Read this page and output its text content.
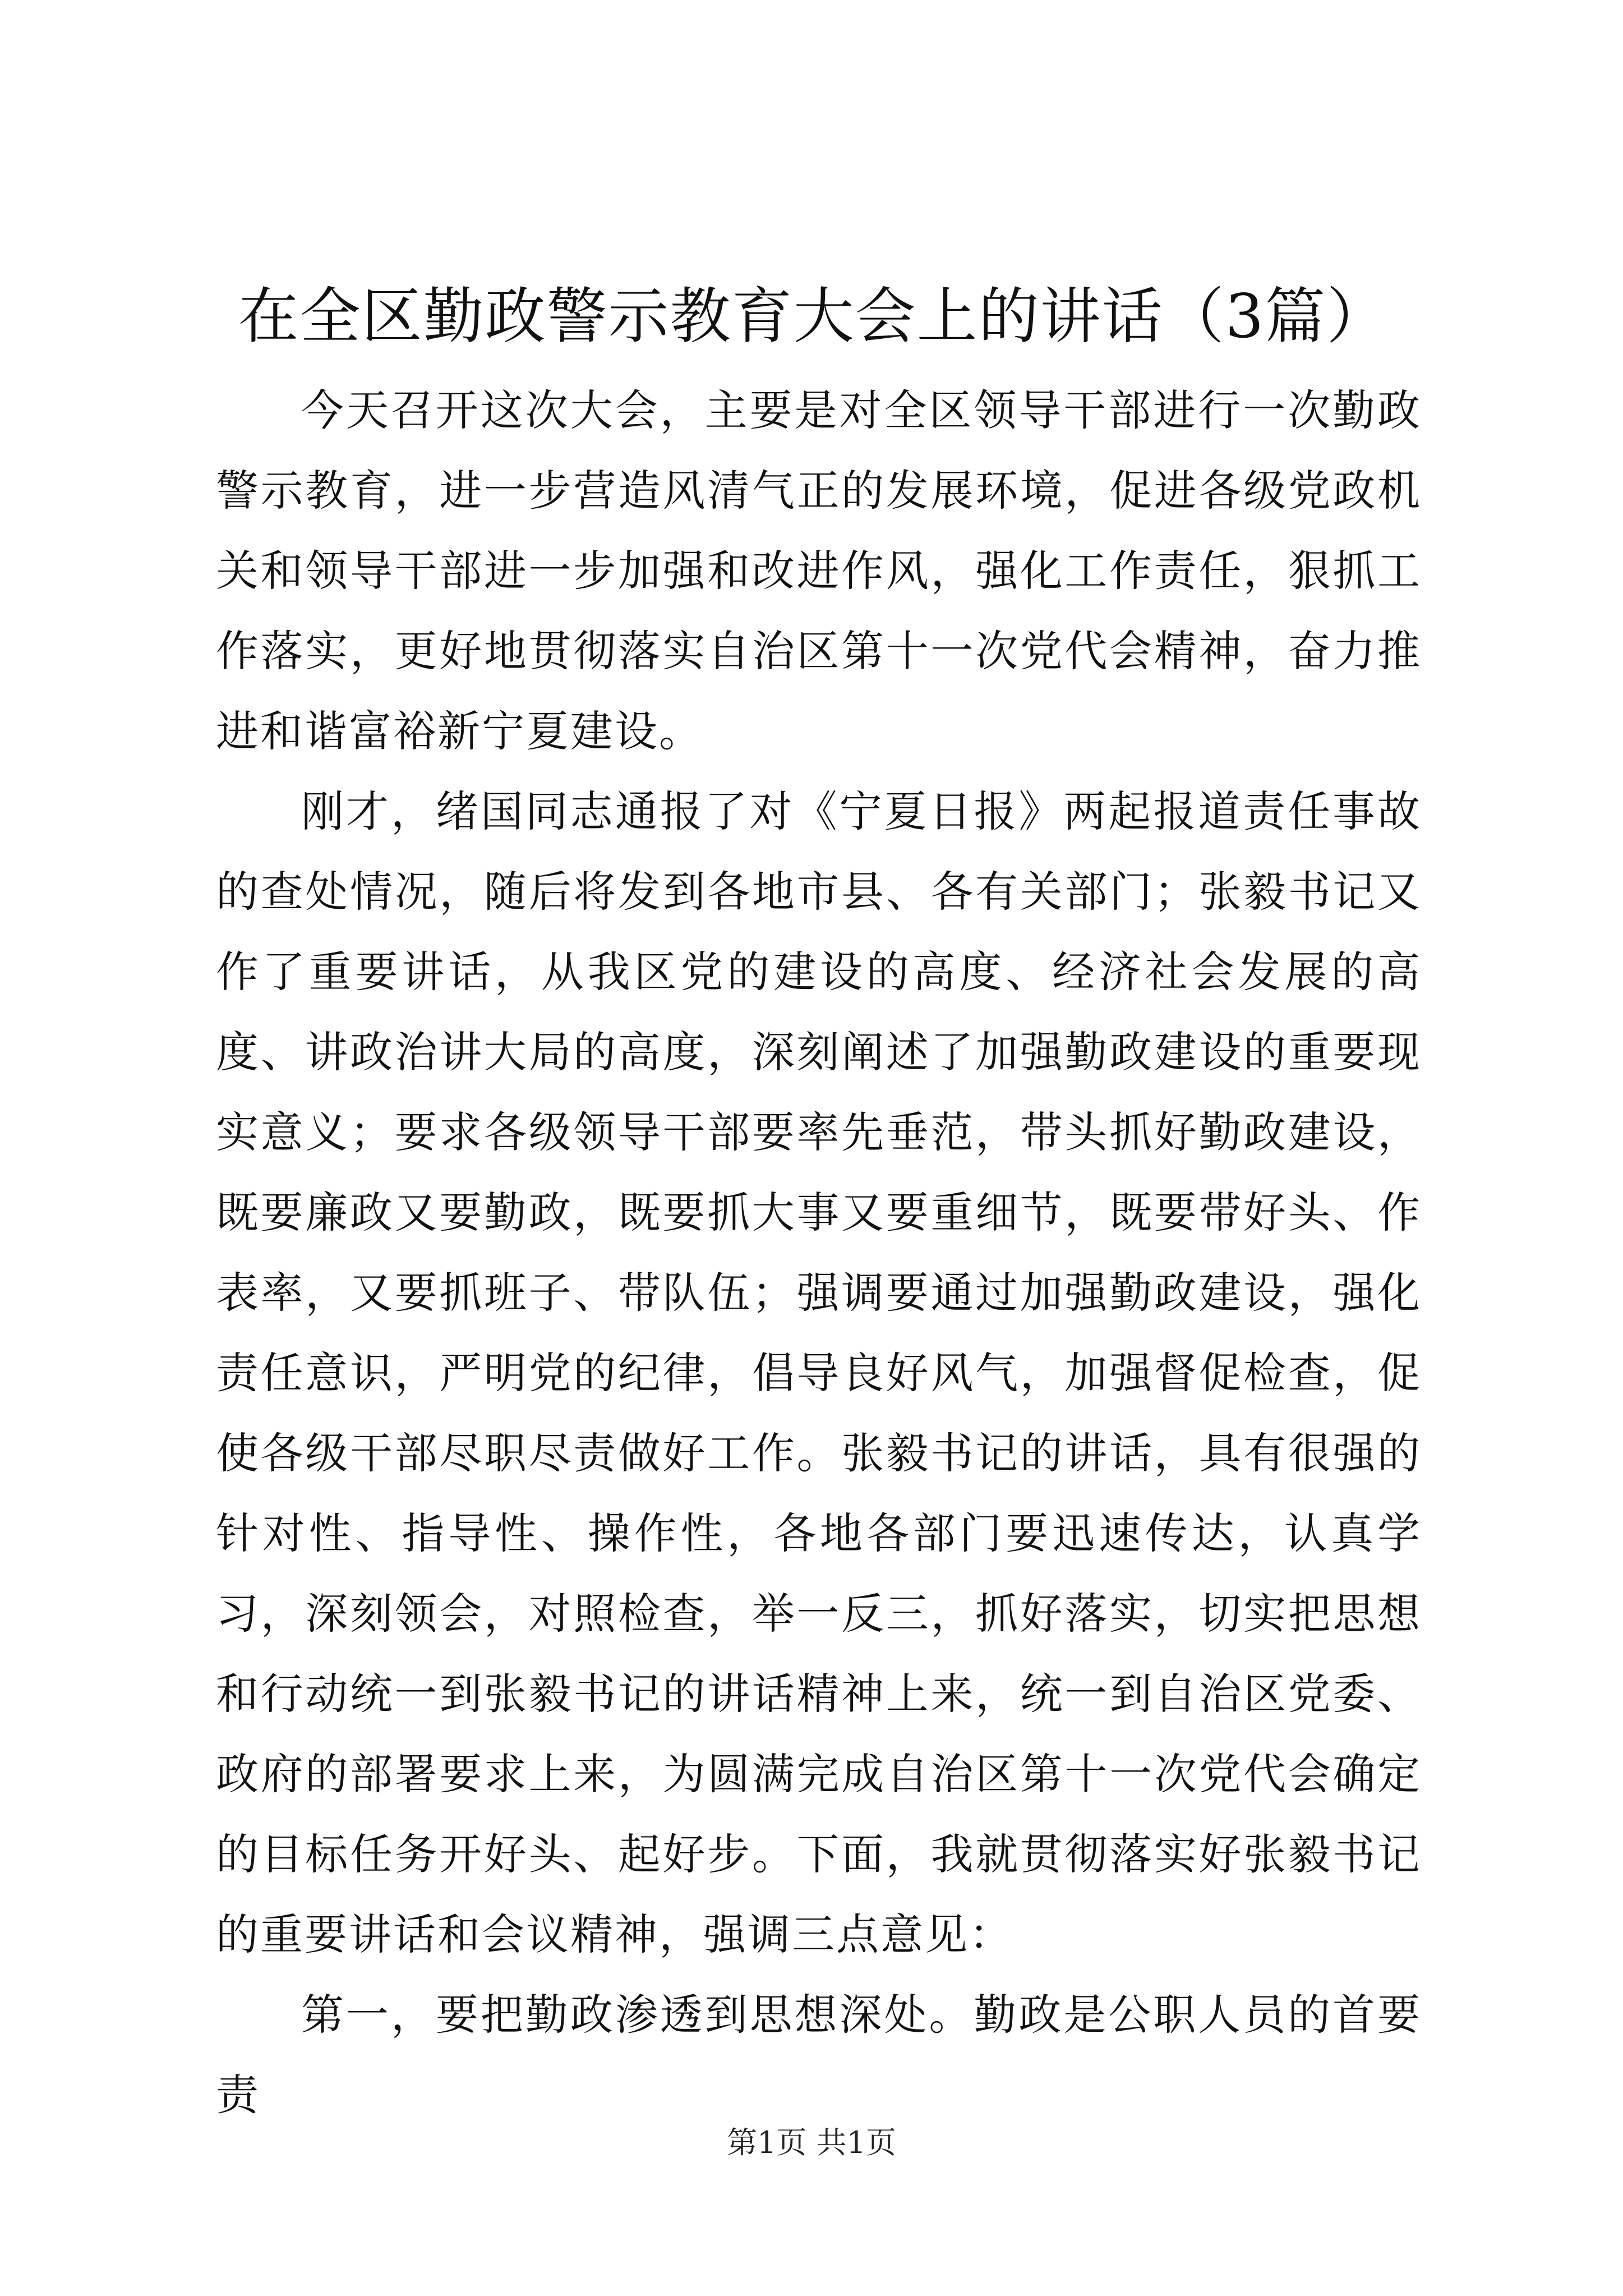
在全区勤政警示教育大会上的讲话（3篇）

今天召开这次大会，主要是对全区领导干部进行一次勤政警示教育，进一步营造风清气正的发展环境，促进各级党政机关和领导干部进一步加强和改进作风，强化工作责任，狠抓工作落实，更好地贯彻落实自治区第十一次党代会精神，奋力推进和谐富裕新宁夏建设。

刚才，绪国同志通报了对《宁夏日报》两起报道责任事故的查处情况，随后将发到各地市县、各有关部门；张毅书记又作了重要讲话，从我区党的建设的高度、经济社会发展的高度、讲政治讲大局的高度，深刻阐述了加强勤政建设的重要现实意义；要求各级领导干部要率先垂范，带头抓好勤政建设，既要廉政又要勤政，既要抓大事又要重细节，既要带好头、作表率，又要抓班子、带队伍；强调要通过加强勤政建设，强化责任意识，严明党的纪律，倡导良好风气，加强督促检查，促使各级干部尽职尽责做好工作。张毅书记的讲话，具有很强的针对性、指导性、操作性，各地各部门要迅速传达，认真学习，深刻领会，对照检查，举一反三，抓好落实，切实把思想和行动统一到张毅书记的讲话精神上来，统一到自治区党委、政府的部署要求上来，为圆满完成自治区第十一次党代会确定的目标任务开好头、起好步。下面，我就贯彻落实好张毅书记的重要讲话和会议精神，强调三点意见：

第一，要把勤政渗透到思想深处。勤政是公职人员的首要责

第1页 共1页
